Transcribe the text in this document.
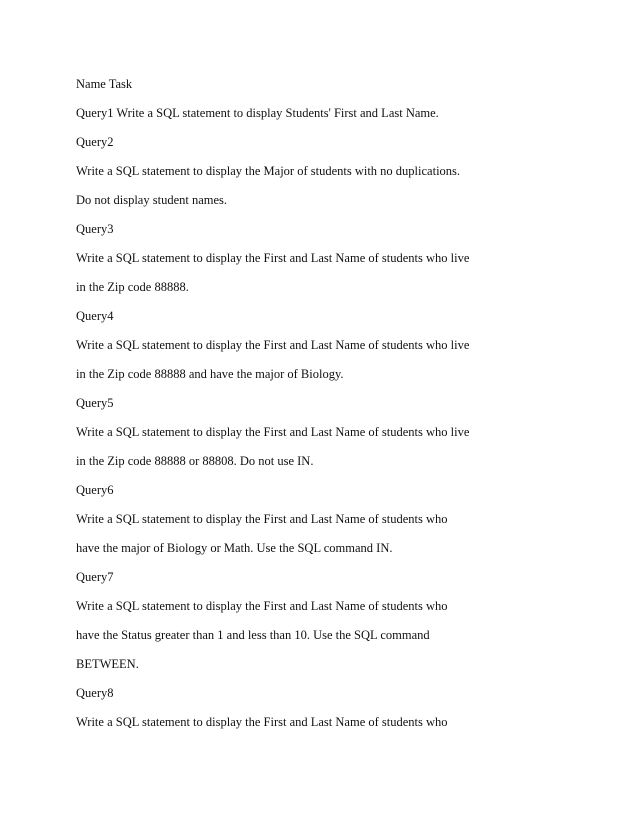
Name Task
Query1 Write a SQL statement to display Students' First and Last Name.
Query2
Write a SQL statement to display the Major of students with no duplications.
Do not display student names.
Query3
Write a SQL statement to display the First and Last Name of students who live
in the Zip code 88888.
Query4
Write a SQL statement to display the First and Last Name of students who live
in the Zip code 88888 and have the major of Biology.
Query5
Write a SQL statement to display the First and Last Name of students who live
in the Zip code 88888 or 88808. Do not use IN.
Query6
Write a SQL statement to display the First and Last Name of students who
have the major of Biology or Math. Use the SQL command IN.
Query7
Write a SQL statement to display the First and Last Name of students who
have the Status greater than 1 and less than 10. Use the SQL command
BETWEEN.
Query8
Write a SQL statement to display the First and Last Name of students who
